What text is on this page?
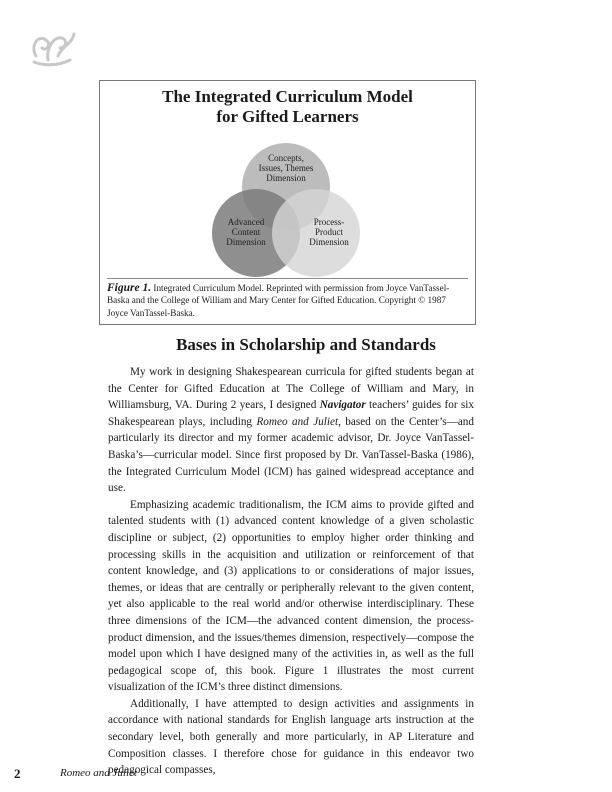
The Integrated Curriculum Model
for Gifted Learners
Concepts,
Issues, Themes
Dimension
Advanced
Content
Dimension
Process-
Product
Dimension
Figure 1. Integrated Curriculum Model. Reprinted with permission from Joyce VanTassel-Baska and the College of William and Mary Center for Gifted Education. Copyright © 1987 Joyce VanTassel-Baska.
Bases in Scholarship and Standards

My work in designing Shakespearean curricula for gifted students began at the Center for Gifted Education at The College of William and Mary, in Williamsburg, VA. During 2 years, I designed Navigator teachers’ guides for six Shakespearean plays, including Romeo and Juliet, based on the Center’s—and particularly its director and my former academic advisor, Dr. Joyce VanTassel-Baska’s—curricular model. Since first proposed by Dr. VanTassel-Baska (1986), the Integrated Curriculum Model (ICM) has gained widespread acceptance and use.

Emphasizing academic traditionalism, the ICM aims to provide gifted and talented students with (1) advanced content knowledge of a given scholastic discipline or subject, (2) opportunities to employ higher order thinking and processing skills in the acquisition and utilization or reinforcement of that content knowledge, and (3) applications to or considerations of major issues, themes, or ideas that are centrally or peripherally relevant to the given content, yet also applicable to the real world and/or otherwise interdisciplinary. These three dimensions of the ICM—the advanced content dimension, the process-product dimension, and the issues/themes dimension, respectively—compose the model upon which I have designed many of the activities in, as well as the full pedagogical scope of, this book. Figure 1 illustrates the most current visualization of the ICM’s three distinct dimensions.

Additionally, I have attempted to design activities and assignments in accordance with national standards for English language arts instruction at the secondary level, both generally and more particularly, in AP Literature and Composition classes. I therefore chose for guidance in this endeavor two pedagogical compasses,

2	Romeo and Juliet
